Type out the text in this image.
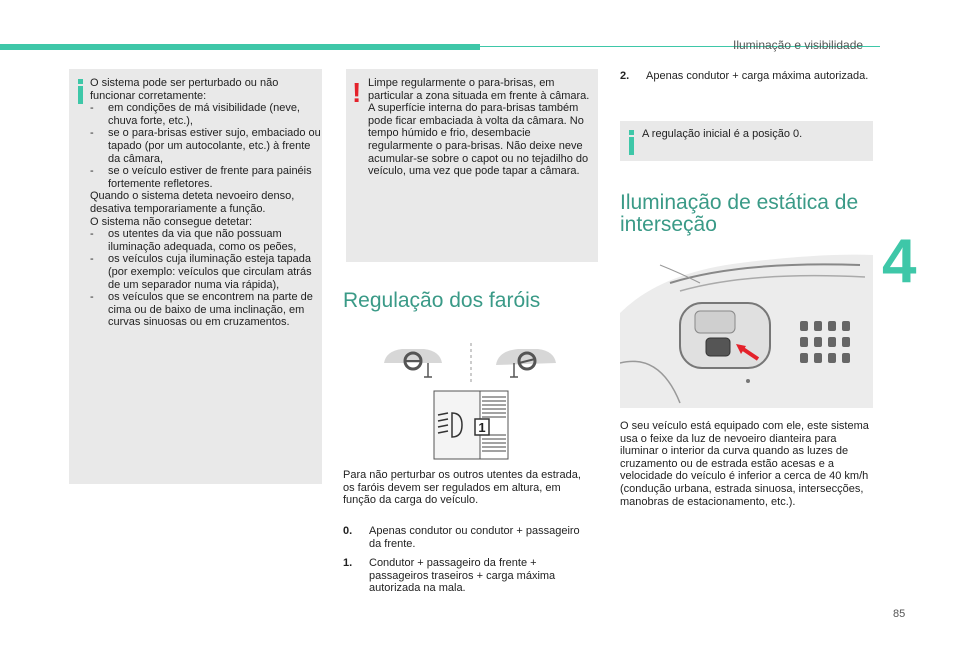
Iluminação e visibilidade
4
85

O sistema pode ser perturbado ou não funcionar corretamente:

- em condições de má visibilidade (neve, chuva forte, etc.),

- se o para-brisas estiver sujo, embaciado ou tapado (por um autocolante, etc.) à frente da câmara,

- se o veículo estiver de frente para painéis fortemente refletores.

Quando o sistema deteta nevoeiro denso, desativa temporariamente a função.

O sistema não consegue detetar:

- os utentes da via que não possuam iluminação adequada, como os peões,

- os veículos cuja iluminação esteja tapada (por exemplo: veículos que circulam atrás de um separador numa via rápida),

- os veículos que se encontrem na parte de cima ou de baixo de uma inclinação, em curvas sinuosas ou em cruzamentos.

! Limpe regularmente o para-brisas, em particular a zona situada em frente à câmara.

A superfície interna do para-brisas também pode ficar embaciada à volta da câmara. No tempo húmido e frio, desembacie regularmente o para-brisas. Não deixe neve acumular-se sobre o capot ou no tejadilho do veículo, uma vez que pode tapar a câmara.

Regulação dos faróis
1
Para não perturbar os outros utentes da estrada, os faróis devem ser regulados em altura, em função da carga do veículo.
0.	Apenas condutor ou condutor + passageiro da frente.
1.	Condutor + passageiro da frente + passageiros traseiros + carga máxima autorizada na mala.
2.	Apenas condutor + carga máxima autorizada.
A regulação inicial é a posição 0.
Iluminação de estática de
interseção
O seu veículo está equipado com ele, este sistema usa o feixe da luz de nevoeiro dianteira para iluminar o interior da curva quando as luzes de cruzamento ou de estrada estão acesas e a velocidade do veículo é inferior a cerca de 40 km/h (condução urbana, estrada sinuosa, intersecções, manobras de estacionamento, etc.).
